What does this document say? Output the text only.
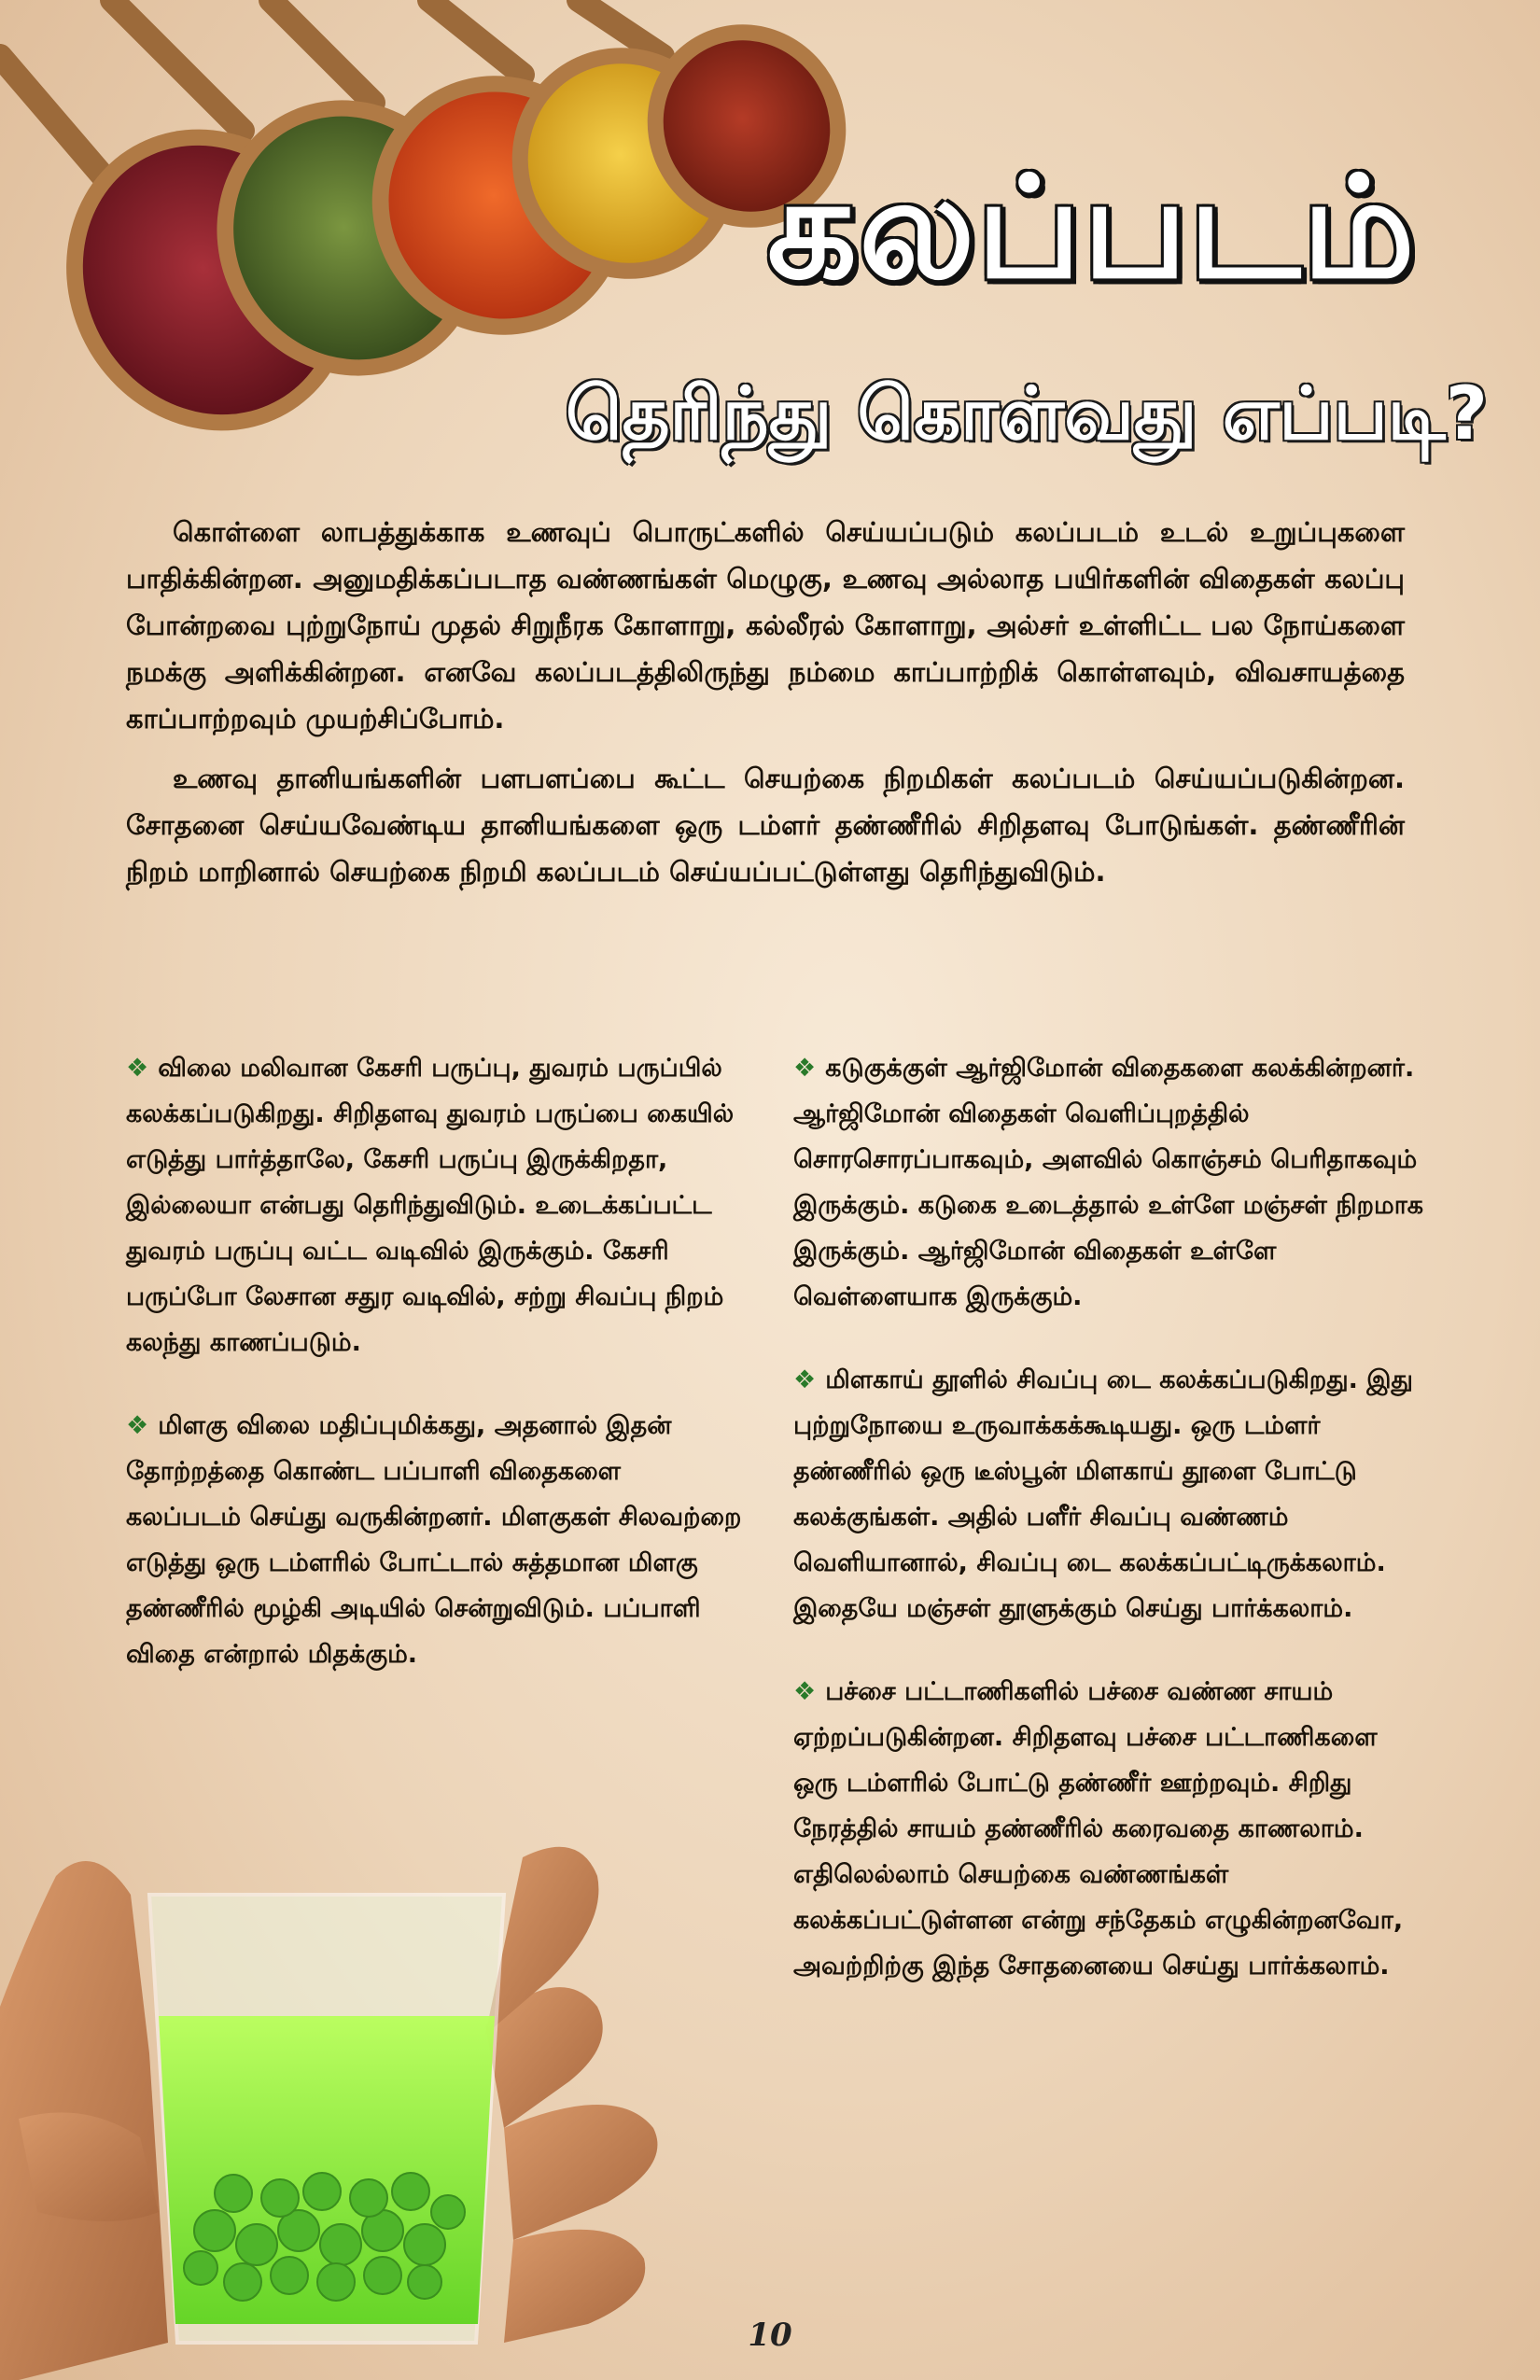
கலப்படம்
தெரிந்து கொள்வது எப்படி?

கொள்ளை லாபத்துக்காக உணவுப் பொருட்களில் செய்யப்படும் கலப்படம் உடல் உறுப்புகளை பாதிக்கின்றன. அனுமதிக்கப்படாத வண்ணங்கள் மெழுகு, உணவு அல்லாத பயிர்களின் விதைகள் கலப்பு போன்றவை புற்றுநோய் முதல் சிறுநீரக கோளாறு, கல்லீரல் கோளாறு, அல்சர் உள்ளிட்ட பல நோய்களை நமக்கு அளிக்கின்றன. எனவே கலப்படத்திலிருந்து நம்மை காப்பாற்றிக் கொள்ளவும், விவசாயத்தை காப்பாற்றவும் முயற்சிப்போம்.

உணவு தானியங்களின் பளபளப்பை கூட்ட செயற்கை நிறமிகள் கலப்படம் செய்யப்படுகின்றன. சோதனை செய்யவேண்டிய தானியங்களை ஒரு டம்ளர் தண்ணீரில் சிறிதளவு போடுங்கள். தண்ணீரின் நிறம் மாறினால் செயற்கை நிறமி கலப்படம் செய்யப்பட்டுள்ளது தெரிந்துவிடும்.

❖ விலை மலிவான கேசரி பருப்பு, துவரம் பருப்பில் கலக்கப்படுகிறது. சிறிதளவு துவரம் பருப்பை கையில் எடுத்து பார்த்தாலே, கேசரி பருப்பு இருக்கிறதா, இல்லையா என்பது தெரிந்துவிடும். உடைக்கப்பட்ட துவரம் பருப்பு வட்ட வடிவில் இருக்கும். கேசரி பருப்போ லேசான சதுர வடிவில், சற்று சிவப்பு நிறம் கலந்து காணப்படும்.

❖ மிளகு விலை மதிப்புமிக்கது, அதனால் இதன் தோற்றத்தை கொண்ட பப்பாளி விதைகளை கலப்படம் செய்து வருகின்றனர். மிளகுகள் சிலவற்றை எடுத்து ஒரு டம்ளரில் போட்டால் சுத்தமான மிளகு தண்ணீரில் மூழ்கி அடியில் சென்றுவிடும். பப்பாளி விதை என்றால் மிதக்கும்.

❖ கடுகுக்குள் ஆர்ஜிமோன் விதைகளை கலக்கின்றனர். ஆர்ஜிமோன் விதைகள் வெளிப்புறத்தில் சொரசொரப்பாகவும், அளவில் கொஞ்சம் பெரிதாகவும் இருக்கும். கடுகை உடைத்தால் உள்ளே மஞ்சள் நிறமாக இருக்கும். ஆர்ஜிமோன் விதைகள் உள்ளே வெள்ளையாக இருக்கும்.

❖ மிளகாய் தூளில் சிவப்பு டை கலக்கப்படுகிறது. இது புற்றுநோயை உருவாக்கக்கூடியது. ஒரு டம்ளர் தண்ணீரில் ஒரு டீஸ்பூன் மிளகாய் தூளை போட்டு கலக்குங்கள். அதில் பளீர் சிவப்பு வண்ணம் வெளியானால், சிவப்பு டை கலக்கப்பட்டிருக்கலாம். இதையே மஞ்சள் தூளுக்கும் செய்து பார்க்கலாம்.

❖ பச்சை பட்டாணிகளில் பச்சை வண்ண சாயம் ஏற்றப்படுகின்றன. சிறிதளவு பச்சை பட்டாணிகளை ஒரு டம்ளரில் போட்டு தண்ணீர் ஊற்றவும். சிறிது நேரத்தில் சாயம் தண்ணீரில் கரைவதை காணலாம். எதிலெல்லாம் செயற்கை வண்ணங்கள் கலக்கப்பட்டுள்ளன என்று சந்தேகம் எழுகின்றனவோ, அவற்றிற்கு இந்த சோதனையை செய்து பார்க்கலாம்.

10
